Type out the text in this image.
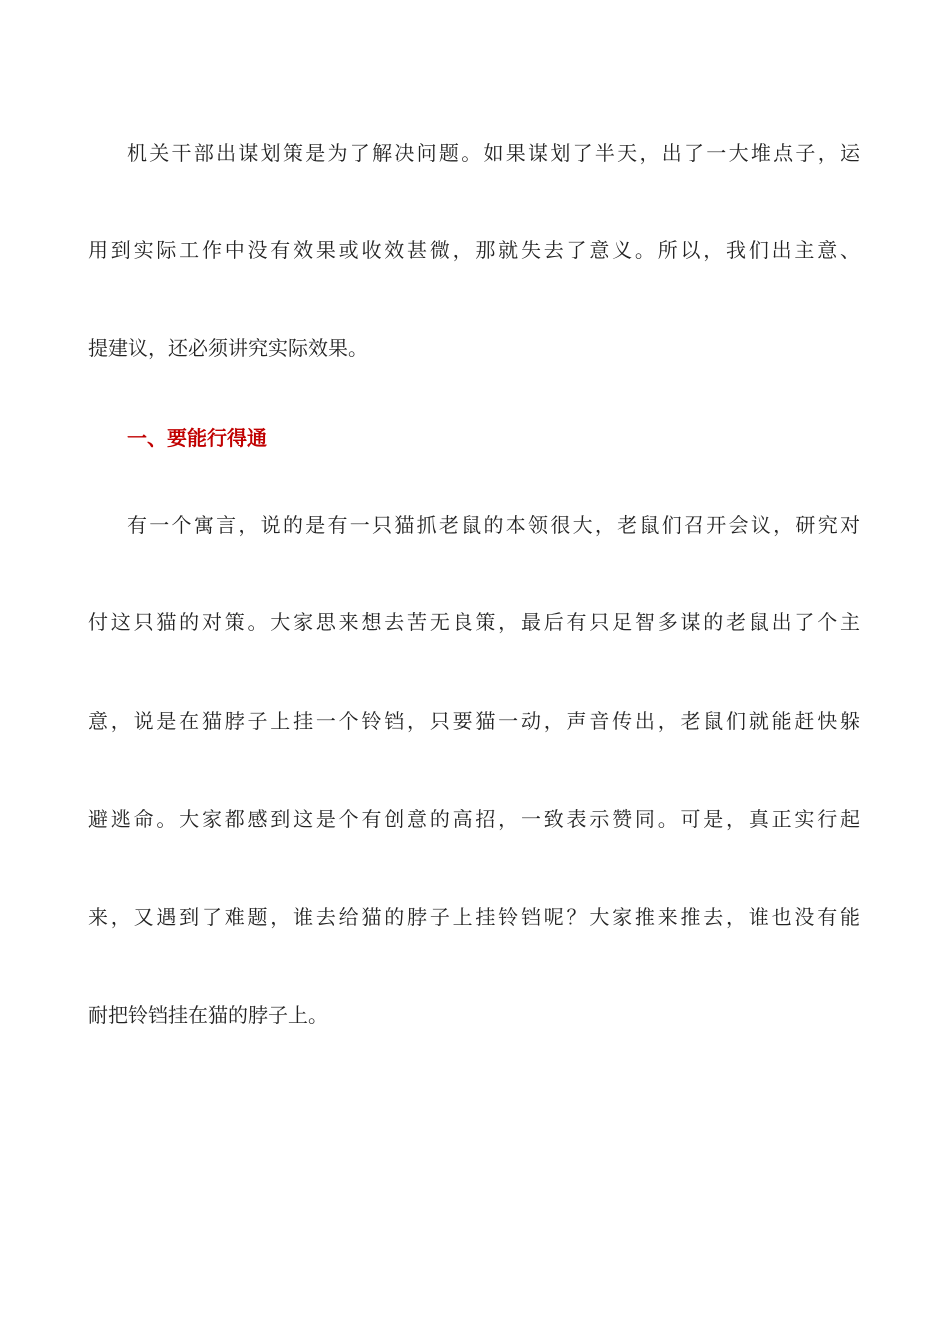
机关干部出谋划策是为了解决问题。如果谋划了半天，出了一大堆点子，运
用到实际工作中没有效果或收效甚微，那就失去了意义。所以，我们出主意、
提建议，还必须讲究实际效果。
一、要能行得通
有一个寓言，说的是有一只猫抓老鼠的本领很大，老鼠们召开会议，研究对
付这只猫的对策。大家思来想去苦无良策，最后有只足智多谋的老鼠出了个主
意，说是在猫脖子上挂一个铃铛，只要猫一动，声音传出，老鼠们就能赶快躲
避逃命。大家都感到这是个有创意的高招，一致表示赞同。可是，真正实行起
来，又遇到了难题，谁去给猫的脖子上挂铃铛呢？大家推来推去，谁也没有能
耐把铃铛挂在猫的脖子上。
